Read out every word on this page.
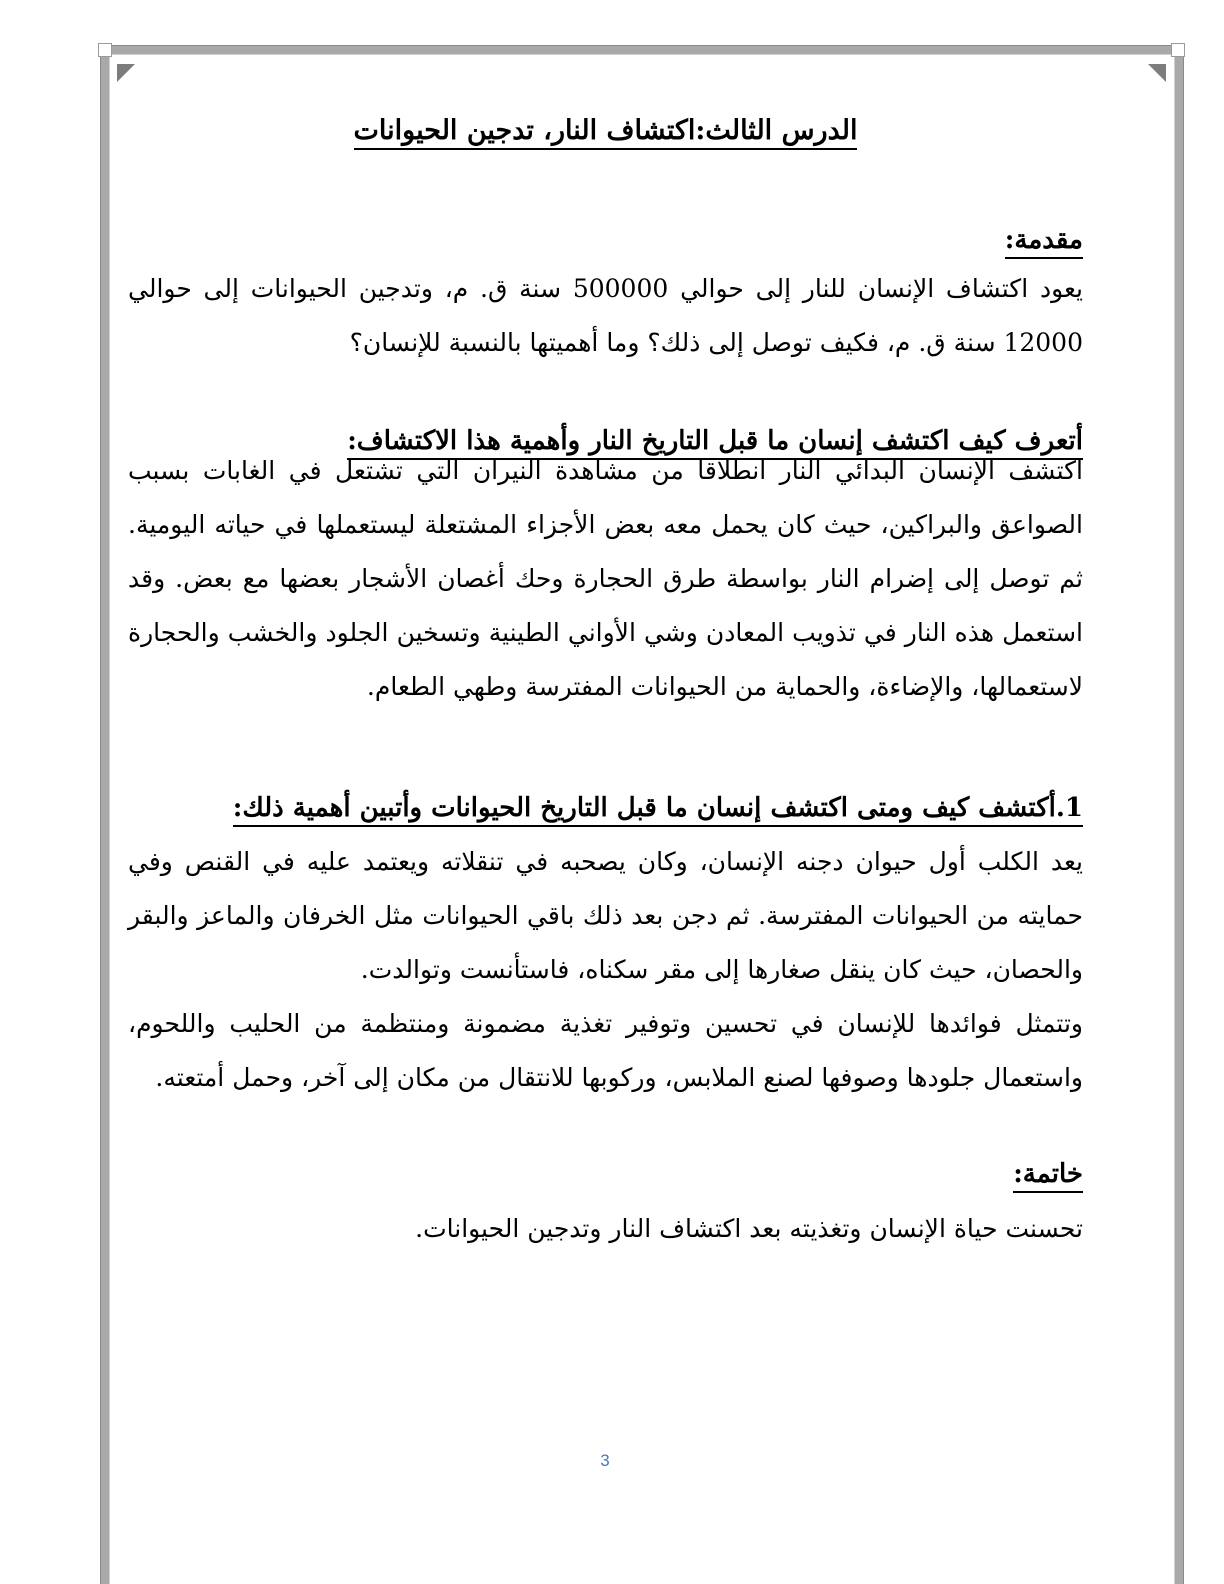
الدرس الثالث:اكتشاف النار، تدجين الحيوانات
مقدمة:
يعود اكتشاف الإنسان للنار إلى حوالي 500000 سنة ق. م، وتدجين الحيوانات إلى حوالي 12000 سنة ق. م، فكيف توصل إلى ذلك؟ وما أهميتها بالنسبة للإنسان؟
أتعرف كيف اكتشف إنسان ما قبل التاريخ النار وأهمية هذا الاكتشاف:
اكتشف الإنسان البدائي النار انطلاقا من مشاهدة النيران التي تشتعل في الغابات بسبب الصواعق والبراكين، حيث كان يحمل معه بعض الأجزاء المشتعلة ليستعملها في حياته اليومية. ثم توصل إلى إضرام النار بواسطة طرق الحجارة وحك أغصان الأشجار بعضها مع بعض. وقد استعمل هذه النار في تذويب المعادن وشي الأواني الطينية وتسخين الجلود والخشب والحجارة لاستعمالها، والإضاءة، والحماية من الحيوانات المفترسة وطهي الطعام.
1.أكتشف كيف ومتى اكتشف إنسان ما قبل التاريخ الحيوانات وأتبين أهمية ذلك:
يعد الكلب أول حيوان دجنه الإنسان، وكان يصحبه في تنقلاته ويعتمد عليه في القنص وفي حمايته من الحيوانات المفترسة. ثم دجن بعد ذلك باقي الحيوانات مثل الخرفان والماعز والبقر والحصان، حيث كان ينقل صغارها إلى مقر سكناه، فاستأنست وتوالدت.
وتتمثل فوائدها للإنسان في تحسين وتوفير تغذية مضمونة ومنتظمة من الحليب واللحوم، واستعمال جلودها وصوفها لصنع الملابس، وركوبها للانتقال من مكان إلى آخر، وحمل أمتعته.
خاتمة:
تحسنت حياة الإنسان وتغذيته بعد اكتشاف النار وتدجين الحيوانات.
3
